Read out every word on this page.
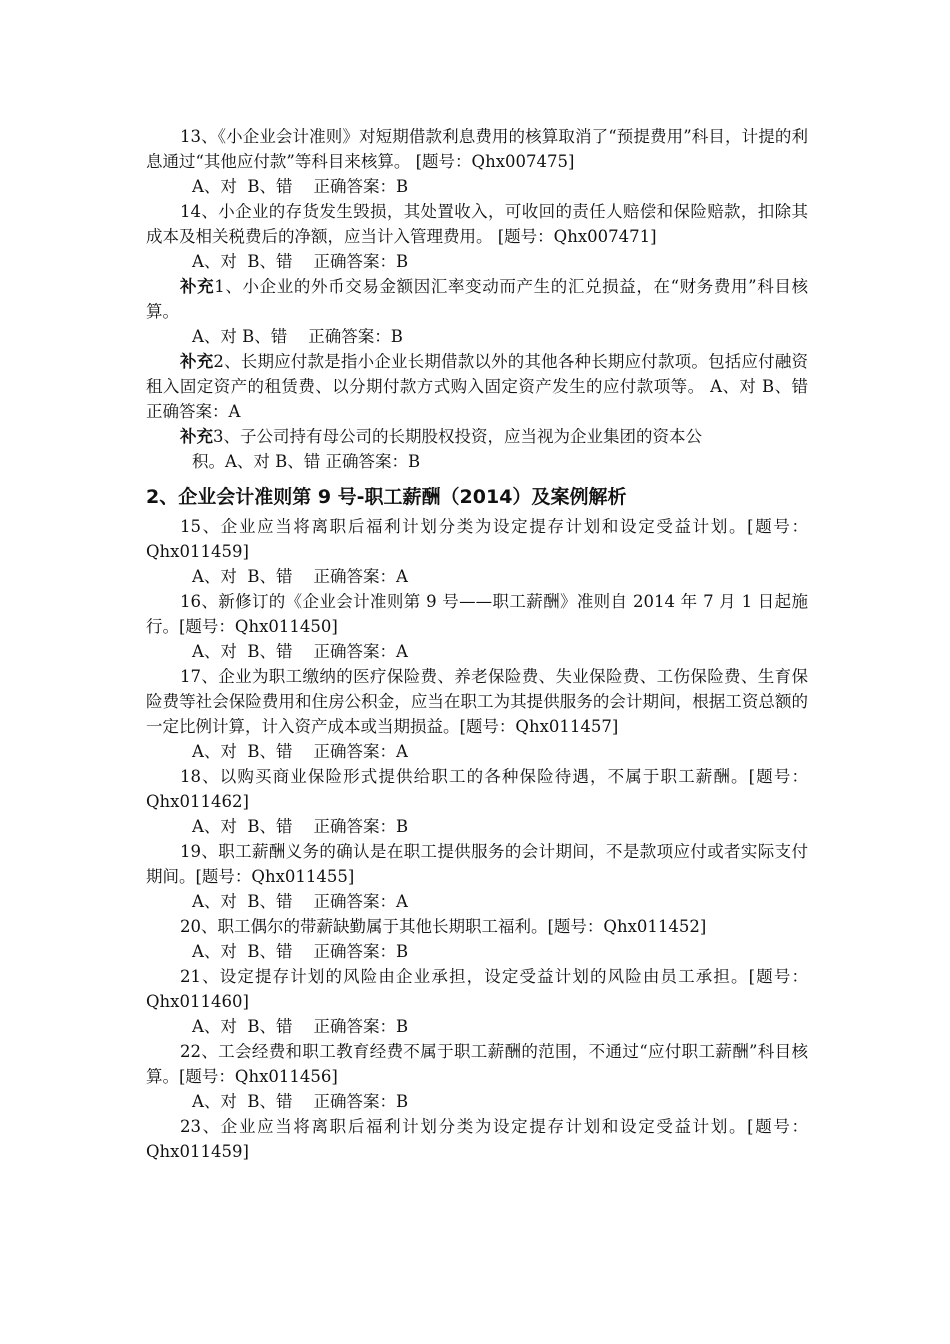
13、《小企业会计准则》对短期借款利息费用的核算取消了“预提费用”科目，计提的利息通过“其他应付款”等科目来核算。 [题号：Qhx007475]

A、对  B、错    正确答案：B

14、小企业的存货发生毁损，其处置收入，可收回的责任人赔偿和保险赔款，扣除其成本及相关税费后的净额，应当计入管理费用。 [题号：Qhx007471]

A、对  B、错    正确答案：B

补充1、小企业的外币交易金额因汇率变动而产生的汇兑损益，在“财务费用”科目核算。

A、对 B、错    正确答案：B

补充2、长期应付款是指小企业长期借款以外的其他各种长期应付款项。包括应付融资租入固定资产的租赁费、以分期付款方式购入固定资产发生的应付款项等。 A、对 B、错 正确答案：A

补充3、子公司持有母公司的长期股权投资，应当视为企业集团的资本公

积。A、对 B、错 正确答案：B

2、企业会计准则第 9 号-职工薪酬（2014）及案例解析

15、企业应当将离职后福利计划分类为设定提存计划和设定受益计划。[题号：Qhx011459]

A、对  B、错    正确答案：A

16、新修订的《企业会计准则第 9 号——职工薪酬》准则自 2014 年 7 月 1 日起施行。[题号：Qhx011450]

A、对  B、错    正确答案：A

17、企业为职工缴纳的医疗保险费、养老保险费、失业保险费、工伤保险费、生育保险费等社会保险费用和住房公积金，应当在职工为其提供服务的会计期间，根据工资总额的一定比例计算，计入资产成本或当期损益。[题号：Qhx011457]

A、对  B、错    正确答案：A

18、以购买商业保险形式提供给职工的各种保险待遇，不属于职工薪酬。[题号：Qhx011462]

A、对  B、错    正确答案：B

19、职工薪酬义务的确认是在职工提供服务的会计期间，不是款项应付或者实际支付期间。[题号：Qhx011455]

A、对  B、错    正确答案：A

20、职工偶尔的带薪缺勤属于其他长期职工福利。[题号：Qhx011452]

A、对  B、错    正确答案：B

21、设定提存计划的风险由企业承担，设定受益计划的风险由员工承担。[题号：Qhx011460]

A、对  B、错    正确答案：B

22、工会经费和职工教育经费不属于职工薪酬的范围，不通过“应付职工薪酬”科目核算。[题号：Qhx011456]

A、对  B、错    正确答案：B

23、企业应当将离职后福利计划分类为设定提存计划和设定受益计划。[题号：Qhx011459]
